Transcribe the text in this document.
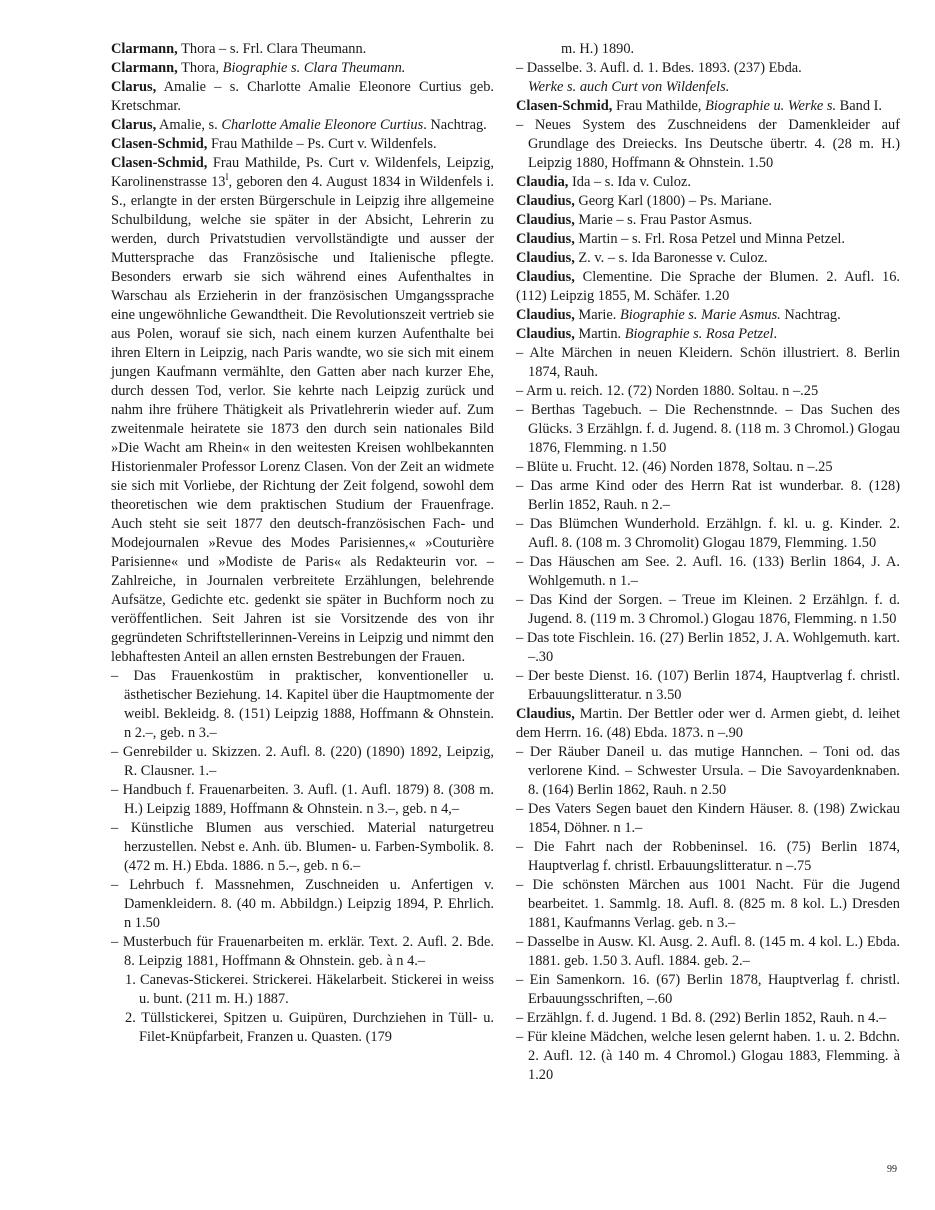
Clarmann, Thora – s. Frl. Clara Theumann.

Clarmann, Thora, Biographie s. Clara Theumann.

Clarus, Amalie – s. Charlotte Amalie Eleonore Curtius geb. Kretschmar.

Clarus, Amalie, s. Charlotte Amalie Eleonore Curtius. Nachtrag.

Clasen-Schmid, Frau Mathilde – Ps. Curt v. Wildenfels.

Clasen-Schmid, Frau Mathilde, Ps. Curt v. Wildenfels, Leipzig, Karolinenstrasse $13^I$, geboren den 4. August 1834 in Wildenfels i. S., erlangte in der ersten Bürgerschule in Leipzig ihre allgemeine Schulbildung, welche sie später in der Absicht, Lehrerin zu werden, durch Privatstudien vervollständigte und ausser der Muttersprache das Französische und Italienische pflegte. Besonders erwarb sie sich während eines Aufenthaltes in Warschau als Erzieherin in der französischen Umgangssprache eine ungewöhnliche Gewandtheit. Die Revolutionszeit vertrieb sie aus Polen, worauf sie sich, nach einem kurzen Aufenthalte bei ihren Eltern in Leipzig, nach Paris wandte, wo sie sich mit einem jungen Kaufmann vermählte, den Gatten aber nach kurzer Ehe, durch dessen Tod, verlor. Sie kehrte nach Leipzig zurück und nahm ihre frühere Thätigkeit als Privatlehrerin wieder auf. Zum zweitenmale heiratete sie 1873 den durch sein nationales Bild »Die Wacht am Rhein« in den weitesten Kreisen wohlbekannten Historienmaler Professor Lorenz Clasen. Von der Zeit an widmete sie sich mit Vorliebe, der Richtung der Zeit folgend, sowohl dem theoretischen wie dem praktischen Studium der Frauenfrage. Auch steht sie seit 1877 den deutsch-französischen Fach- und Modejournalen »Revue des Modes Parisiennes,« »Couturière Parisienne« und »Modiste de Paris« als Redakteurin vor. – Zahlreiche, in Journalen verbreitete Erzählungen, belehrende Aufsätze, Gedichte etc. gedenkt sie später in Buchform noch zu veröffentlichen. Seit Jahren ist sie Vorsitzende des von ihr gegründeten Schriftstellerinnen-Vereins in Leipzig und nimmt den lebhaftesten Anteil an allen ernsten Bestrebungen der Frauen.

– Das Frauenkostüm in praktischer, konventioneller u. ästhetischer Beziehung. 14. Kapitel über die Hauptmomente der weibl. Bekleidg. 8. (151) Leipzig 1888, Hoffmann & Ohnstein. n 2.–, geb. n 3.–

– Genrebilder u. Skizzen. 2. Aufl. 8. (220) (1890) 1892, Leipzig, R. Clausner. 1.–

– Handbuch f. Frauenarbeiten. 3. Aufl. (1. Aufl. 1879) 8. (308 m. H.) Leipzig 1889, Hoffmann & Ohnstein. n 3.–, geb. n 4,–

– Künstliche Blumen aus verschied. Material naturgetreu herzustellen. Nebst e. Anh. üb. Blumen- u. Farben-Symbolik. 8. (472 m. H.) Ebda. 1886. n 5.–, geb. n 6.–

– Lehrbuch f. Massnehmen, Zuschneiden u. Anfertigen v. Damenkleidern. 8. (40 m. Abbildgn.) Leipzig 1894, P. Ehrlich. n 1.50

– Musterbuch für Frauenarbeiten m. erklär. Text. 2. Aufl. 2. Bde. 8. Leipzig 1881, Hoffmann & Ohnstein. geb. à n 4.–

1. Canevas-Stickerei. Strickerei. Häkelarbeit. Stickerei in weiss u. bunt. (211 m. H.) 1887.

2. Tüllstickerei, Spitzen u. Guipüren, Durchziehen in Tüll- u. Filet-Knüpfarbeit, Franzen u. Quasten. (179

m. H.) 1890.

– Dasselbe. 3. Aufl. d. 1. Bdes. 1893. (237) Ebda.

Werke s. auch Curt von Wildenfels.

Clasen-Schmid, Frau Mathilde, Biographie u. Werke s. Band I.

– Neues System des Zuschneidens der Damenkleider auf Grundlage des Dreiecks. Ins Deutsche übertr. 4. (28 m. H.) Leipzig 1880, Hoffmann & Ohnstein. 1.50

Claudia, Ida – s. Ida v. Culoz.

Claudius, Georg Karl (1800) – Ps. Mariane.

Claudius, Marie – s. Frau Pastor Asmus.

Claudius, Martin – s. Frl. Rosa Petzel und Minna Petzel.

Claudius, Z. v. – s. Ida Baronesse v. Culoz.

Claudius, Clementine. Die Sprache der Blumen. 2. Aufl. 16. (112) Leipzig 1855, M. Schäfer. 1.20

Claudius, Marie. Biographie s. Marie Asmus. Nachtrag.

Claudius, Martin. Biographie s. Rosa Petzel.

– Alte Märchen in neuen Kleidern. Schön illustriert. 8. Berlin 1874, Rauh.

– Arm u. reich. 12. (72) Norden 1880. Soltau. n –.25

– Berthas Tagebuch. – Die Rechenstnnde. – Das Suchen des Glücks. 3 Erzählgn. f. d. Jugend. 8. (118 m. 3 Chromol.) Glogau 1876, Flemming. n 1.50

– Blüte u. Frucht. 12. (46) Norden 1878, Soltau. n –.25

– Das arme Kind oder des Herrn Rat ist wunderbar. 8. (128) Berlin 1852, Rauh. n 2.–

– Das Blümchen Wunderhold. Erzählgn. f. kl. u. g. Kinder. 2. Aufl. 8. (108 m. 3 Chromolit) Glogau 1879, Flemming. 1.50

– Das Häuschen am See. 2. Aufl. 16. (133) Berlin 1864, J. A. Wohlgemuth. n 1.–

– Das Kind der Sorgen. – Treue im Kleinen. 2 Erzählgn. f. d. Jugend. 8. (119 m. 3 Chromol.) Glogau 1876, Flemming. n 1.50

– Das tote Fischlein. 16. (27) Berlin 1852, J. A. Wohlgemuth. kart. –.30

– Der beste Dienst. 16. (107) Berlin 1874, Hauptverlag f. christl. Erbauungslitteratur. n 3.50

Claudius, Martin. Der Bettler oder wer d. Armen giebt, d. leihet dem Herrn. 16. (48) Ebda. 1873. n –.90

– Der Räuber Daneil u. das mutige Hannchen. – Toni od. das verlorene Kind. – Schwester Ursula. – Die Savoyardenknaben. 8. (164) Berlin 1862, Rauh. n 2.50

– Des Vaters Segen bauet den Kindern Häuser. 8. (198) Zwickau 1854, Döhner. n 1.–

– Die Fahrt nach der Robbeninsel. 16. (75) Berlin 1874, Hauptverlag f. christl. Erbauungslitteratur. n –.75

– Die schönsten Märchen aus 1001 Nacht. Für die Jugend bearbeitet. 1. Sammlg. 18. Aufl. 8. (825 m. 8 kol. L.) Dresden 1881, Kaufmanns Verlag. geb. n 3.–

– Dasselbe in Ausw. Kl. Ausg. 2. Aufl. 8. (145 m. 4 kol. L.) Ebda. 1881. geb. 1.50 3. Aufl. 1884. geb. 2.–

– Ein Samenkorn. 16. (67) Berlin 1878, Hauptverlag f. christl. Erbauungsschriften, –.60

– Erzählgn. f. d. Jugend. 1 Bd. 8. (292) Berlin 1852, Rauh. n 4.–

– Für kleine Mädchen, welche lesen gelernt haben. 1. u. 2. Bdchn. 2. Aufl. 12. (à 140 m. 4 Chromol.) Glogau 1883, Flemming. à 1.20

99
